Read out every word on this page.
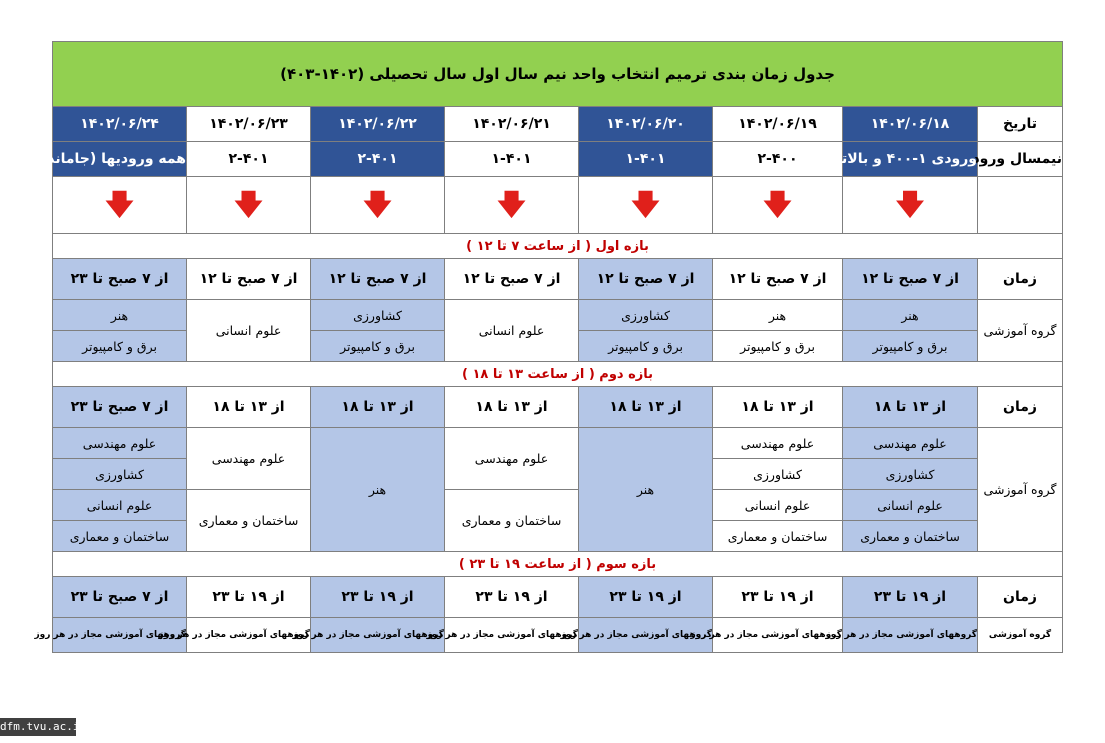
جدول زمان بندی ترمیم انتخاب واحد نیم سال اول سال تحصیلی (۱۴۰۲-۴۰۳)							
تاریخ	۱۴۰۲/۰۶/۱۸	۱۴۰۲/۰۶/۱۹	۱۴۰۲/۰۶/۲۰	۱۴۰۲/۰۶/۲۱	۱۴۰۲/۰۶/۲۲	۱۴۰۲/۰۶/۲۳	۱۴۰۲/۰۶/۲۴
نیمسال ورود	ورودی ۱-۴۰۰ و بالاتر	۲-۴۰۰	۱-۴۰۱	۱-۴۰۱	۲-۴۰۱	۲-۴۰۱	همه ورودیها (جامانده)
	🡇	🡇	🡇	🡇	🡇	🡇	🡇
بازه اول ( از ساعت ۷ تا ۱۲ )							
زمان	از ۷ صبح تا ۱۲	از ۷ صبح تا ۱۲	از ۷ صبح تا ۱۲	از ۷ صبح تا ۱۲	از ۷ صبح تا ۱۲	از ۷ صبح تا ۱۲	از ۷ صبح تا ۲۳
گروه آموزشی	هنر	هنر	کشاورزی	علوم انسانی	کشاورزی	علوم انسانی	هنر
	برق و کامپیوتر	برق و کامپیوتر	برق و کامپیوتر		برق و کامپیوتر		برق و کامپیوتر
بازه دوم ( از ساعت ۱۳ تا ۱۸ )							
زمان	از ۱۳ تا ۱۸	از ۱۳ تا ۱۸	از ۱۳ تا ۱۸	از ۱۳ تا ۱۸	از ۱۳ تا ۱۸	از ۱۳ تا ۱۸	از ۷ صبح تا ۲۳
گروه آموزشی	علوم مهندسی	علوم مهندسی	هنر	علوم مهندسی	هنر	علوم مهندسی	علوم مهندسی
	کشاورزی	کشاورزی					کشاورزی
	علوم انسانی	علوم انسانی		ساختمان و معماری		ساختمان و معماری	علوم انسانی
	ساختمان و معماری	ساختمان و معماری					ساختمان و معماری
بازه سوم ( از ساعت ۱۹ تا ۲۳ )							
زمان	از ۱۹ تا ۲۳	از ۱۹ تا ۲۳	از ۱۹ تا ۲۳	از ۱۹ تا ۲۳	از ۱۹ تا ۲۳	از ۱۹ تا ۲۳	از ۷ صبح تا ۲۳
گروه آموزشی	گروههای آموزشی مجاز در هر روز	گروههای آموزشی مجاز در هر روز	گروههای آموزشی مجاز در هر روز	گروههای آموزشی مجاز در هر روز	گروههای آموزشی مجاز در هر روز	گروههای آموزشی مجاز در هر روز	گروههای آموزشی مجاز در هر روز
dfm.tvu.ac.ir
